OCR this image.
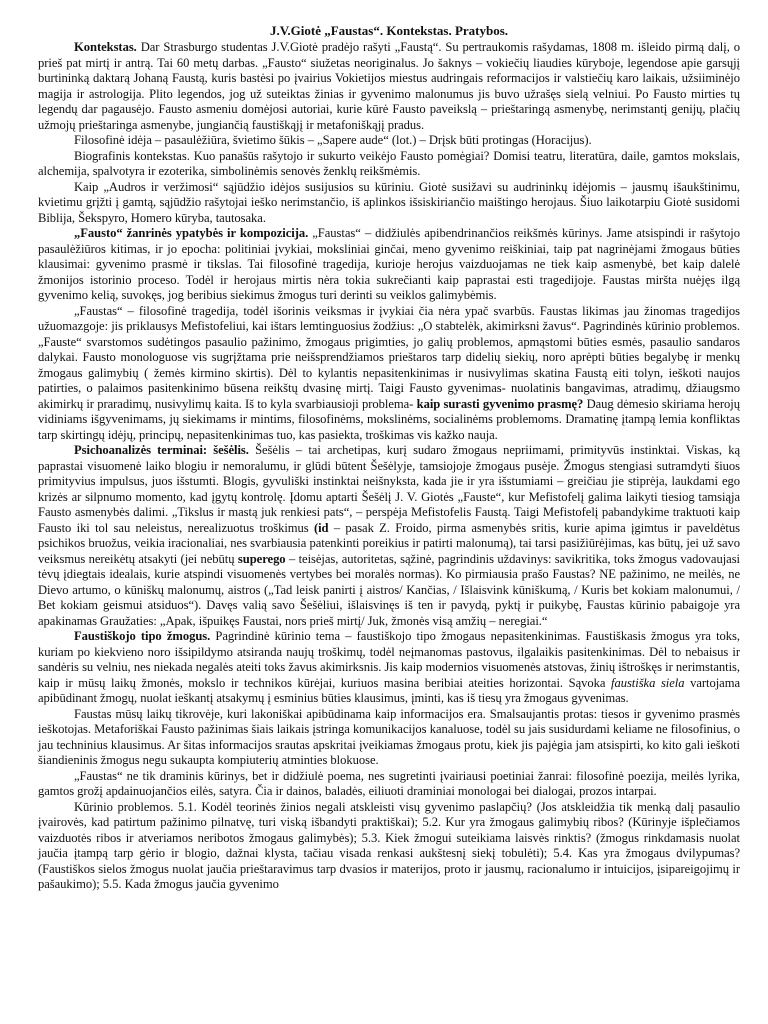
J.V.Giotė „Faustas“. Kontekstas. Pratybos.

Kontekstas. Dar Strasburgo studentas J.V.Giotė pradėjo rašyti „Faustą“. Su pertraukomis rašydamas, 1808 m. išleido pirmą dalį, o prieš pat mirtį ir antrą. Tai 60 metų darbas. „Fausto“ siužetas neoriginalus. Jo šaknys – vokiečių liaudies kūryboje, legendose apie garsųjį burtininką daktarą Johaną Faustą, kuris bastėsi po įvairius Vokietijos miestus audringais reformacijos ir valstiečių karo laikais, užsiiminėjo magija ir astrologija. Plito legendos, jog už suteiktas žinias ir gyvenimo malonumus jis buvo užrašęs sielą velniui. Po Fausto mirties tų legendų dar pagausėjo. Fausto asmeniu domėjosi autoriai, kurie kūrė Fausto paveikslą – prieštaringą asmenybę, nerimstantį genijų, plačių užmojų prieštaringa asmenybe, jungiančią faustiškąjį ir metafoniškąjį pradus.

Filosofinė idėja – pasaulėžiūra, švietimo šūkis – „Sapere aude“ (lot.) – Drįsk būti protingas (Horacijus).

Biografinis kontekstas. Kuo panašūs rašytojo ir sukurto veikėjo Fausto pomėgiai? Domisi teatru, literatūra, daile, gamtos mokslais, alchemija, spalvotyra ir ezoterika, simbolinėmis senovės ženklų reikšmėmis.

Kaip „Audros ir veržimosi“ sąjūdžio idėjos susijusios su kūriniu. Giotė susižavi su audrininkų idėjomis – jausmų išaukštinimu, kvietimu grįžti į gamtą, sąjūdžio rašytojai ieško nerimstančio, iš aplinkos išsiskiriančio maištingo herojaus. Šiuo laikotarpiu Giotė susidomi Biblija, Šekspyro, Homero kūryba, tautosaka.

„Fausto“ žanrinės ypatybės ir kompozicija. „Faustas“ – didžiulės apibendrinančios reikšmės kūrinys. Jame atsispindi ir rašytojo pasaulėžiūros kitimas, ir jo epocha: politiniai įvykiai, moksliniai ginčai, meno gyvenimo reiškiniai, taip pat nagrinėjami žmogaus būties klausimai: gyvenimo prasmė ir tikslas. Tai filosofinė tragedija, kurioje herojus vaizduojamas ne tiek kaip asmenybė, bet kaip dalelė žmonijos istorinio proceso. Todėl ir herojaus mirtis nėra tokia sukrečianti kaip paprastai esti tragedijoje. Faustas miršta nuėjęs ilgą gyvenimo kelią, suvokęs, jog beribius siekimus žmogus turi derinti su veiklos galimybėmis.

„Faustas“ – filosofinė tragedija, todėl išorinis veiksmas ir įvykiai čia nėra ypač svarbūs. Faustas likimas jau žinomas tragedijos užuomazgoje: jis priklausys Mefistofeliui, kai ištars lemtinguosius žodžius: „O stabtelėk, akimirksni žavus“. Pagrindinės kūrinio problemos. „Fauste“ svarstomos sudėtingos pasaulio pažinimo, žmogaus prigimties, jo galių problemos, apmąstomi būties esmės, pasaulio sandaros dalykai. Fausto monologuose vis sugrįžtama prie neišsprendžiamos prieštaros tarp didelių siekių, noro aprėpti būties begalybę ir menkų žmogaus galimybių ( žemės kirmino skirtis). Dėl to kylantis nepasitenkinimas ir nusivylimas skatina Faustą eiti tolyn, ieškoti naujos patirties, o palaimos pasitenkinimo būsena reikštų dvasinę mirtį. Taigi Fausto gyvenimas- nuolatinis bangavimas, atradimų, džiaugsmo akimirkų ir praradimų, nusivylimų kaita. Iš to kyla svarbiausioji problema- kaip surasti gyvenimo prasmę? Daug dėmesio skiriama herojų vidiniams išgyvenimams, jų siekimams ir mintims, filosofinėms, mokslinėms, socialinėms problemoms. Dramatinę įtampą lemia konfliktas tarp skirtingų idėjų, principų, nepasitenkinimas tuo, kas pasiekta, troškimas vis kažko nauja.

Psichoanalizės terminai: šešėlis. Šešėlis – tai archetipas, kurį sudaro žmogaus nepriimami, primityvūs instinktai. Viskas, ką paprastai visuomenė laiko blogiu ir nemoralumu, ir glūdi būtent Šešėlyje, tamsiojoje žmogaus pusėje. Žmogus stengiasi sutramdyti šiuos primityvius impulsus, juos išstumti. Blogis, gyvuliški instinktai neišnyksta, kada jie ir yra išstumiami – greičiau jie stiprėja, laukdami ego krizės ar silpnumo momento, kad įgytų kontrolę. Įdomu aptarti Šešėlį J. V. Giotės „Fauste“, kur Mefistofelį galima laikyti tiesiog tamsiąja Fausto asmenybės dalimi. „Tikslus ir mastą juk renkiesi pats“, – perspėja Mefistofelis Faustą. Taigi Mefistofelį pabandykime traktuoti kaip Fausto iki tol sau neleistus, nerealizuotus troškimus (id – pasak Z. Froido, pirma asmenybės sritis, kurie apima įgimtus ir paveldėtus psichikos bruožus, veikia iracionaliai, nes svarbiausia patenkinti poreikius ir patirti malonumą), tai tarsi pasižiūrėjimas, kas būtų, jei už savo veiksmus nereikėtų atsakyti (jei nebūtų superego – teisėjas, autoritetas, sąžinė, pagrindinis uždavinys: savikritika, toks žmogus vadovaujasi tėvų įdiegtais idealais, kurie atspindi visuomenės vertybes bei moralės normas). Ko pirmiausia prašo Faustas? NE pažinimo, ne meilės, ne Dievo artumo, o kūniškų malonumų, aistros („Tad leisk panirti į aistros/ Kančias, / Išlaisvink kūniškumą, / Kuris bet kokiam malonumui, / Bet kokiam geismui atsiduos“). Davęs valią savo Šešėliui, išlaisvinęs iš ten ir pavydą, pyktį ir puikybę, Faustas kūrinio pabaigoje yra apakinamas Graužaties: „Apak, išpuikęs Faustai, nors prieš mirtį/ Juk, žmonės visą amžių – neregiai.“

Faustiškojo tipo žmogus. Pagrindinė kūrinio tema – faustiškojo tipo žmogaus nepasitenkinimas. Faustiškasis žmogus yra toks, kuriam po kiekvieno noro išsipildymo atsiranda naujų troškimų, todėl neįmanomas pastovus, ilgalaikis pasitenkinimas. Dėl to nebaisus ir sandėris su velniu, nes niekada negalės ateiti toks žavus akimirksnis. Jis kaip modernios visuomenės atstovas, žinių ištroškęs ir nerimstantis, kaip ir mūsų laikų žmonės, mokslo ir technikos kūrėjai, kuriuos masina beribiai ateities horizontai. Sąvoka faustiška siela vartojama apibūdinant žmogų, nuolat ieškantį atsakymų į esminius būties klausimus, įminti, kas iš tiesų yra žmogaus gyvenimas.

Faustas mūsų laikų tikrovėje, kuri lakoniškai apibūdinama kaip informacijos era. Smalsaujantis protas: tiesos ir gyvenimo prasmės ieškotojas. Metaforiškai Fausto pažinimas šiais laikais įstringa komunikacijos kanaluose, todėl su jais susidurdami keliame ne filosofinius, o jau techninius klausimus. Ar šitas informacijos srautas apskritai įveikiamas žmogaus protu, kiek jis pajėgia jam atsispirti, ko kito gali ieškoti šiandieninis žmogus negu sukaupta kompiuterių atminties blokuose.

„Faustas“ ne tik draminis kūrinys, bet ir didžiulė poema, nes sugretinti įvairiausi poetiniai žanrai: filosofinė poezija, meilės lyrika, gamtos grožį apdainuojančios eilės, satyra. Čia ir dainos, baladės, eiliuoti draminiai monologai bei dialogai, prozos intarpai.

Kūrinio problemos. 5.1. Kodėl teorinės žinios negali atskleisti visų gyvenimo paslapčių? (Jos atskleidžia tik menką dalį pasaulio įvairovės, kad patirtum pažinimo pilnatvę, turi viską išbandyti praktiškai); 5.2. Kur yra žmogaus galimybių ribos? (Kūrinyje išplečiamos vaizduotės ribos ir atveriamos neribotos žmogaus galimybės); 5.3. Kiek žmogui suteikiama laisvės rinktis? (žmogus rinkdamasis nuolat jaučia įtampą tarp gėrio ir blogio, dažnai klysta, tačiau visada renkasi aukštesnį siekį tobulėti); 5.4. Kas yra žmogaus dvilypumas? (Faustiškos sielos žmogus nuolat jaučia prieštaravimus tarp dvasios ir materijos, proto ir jausmų, racionalumo ir intuicijos, įsipareigojimų ir pašaukimo); 5.5. Kada žmogus jaučia gyvenimo
